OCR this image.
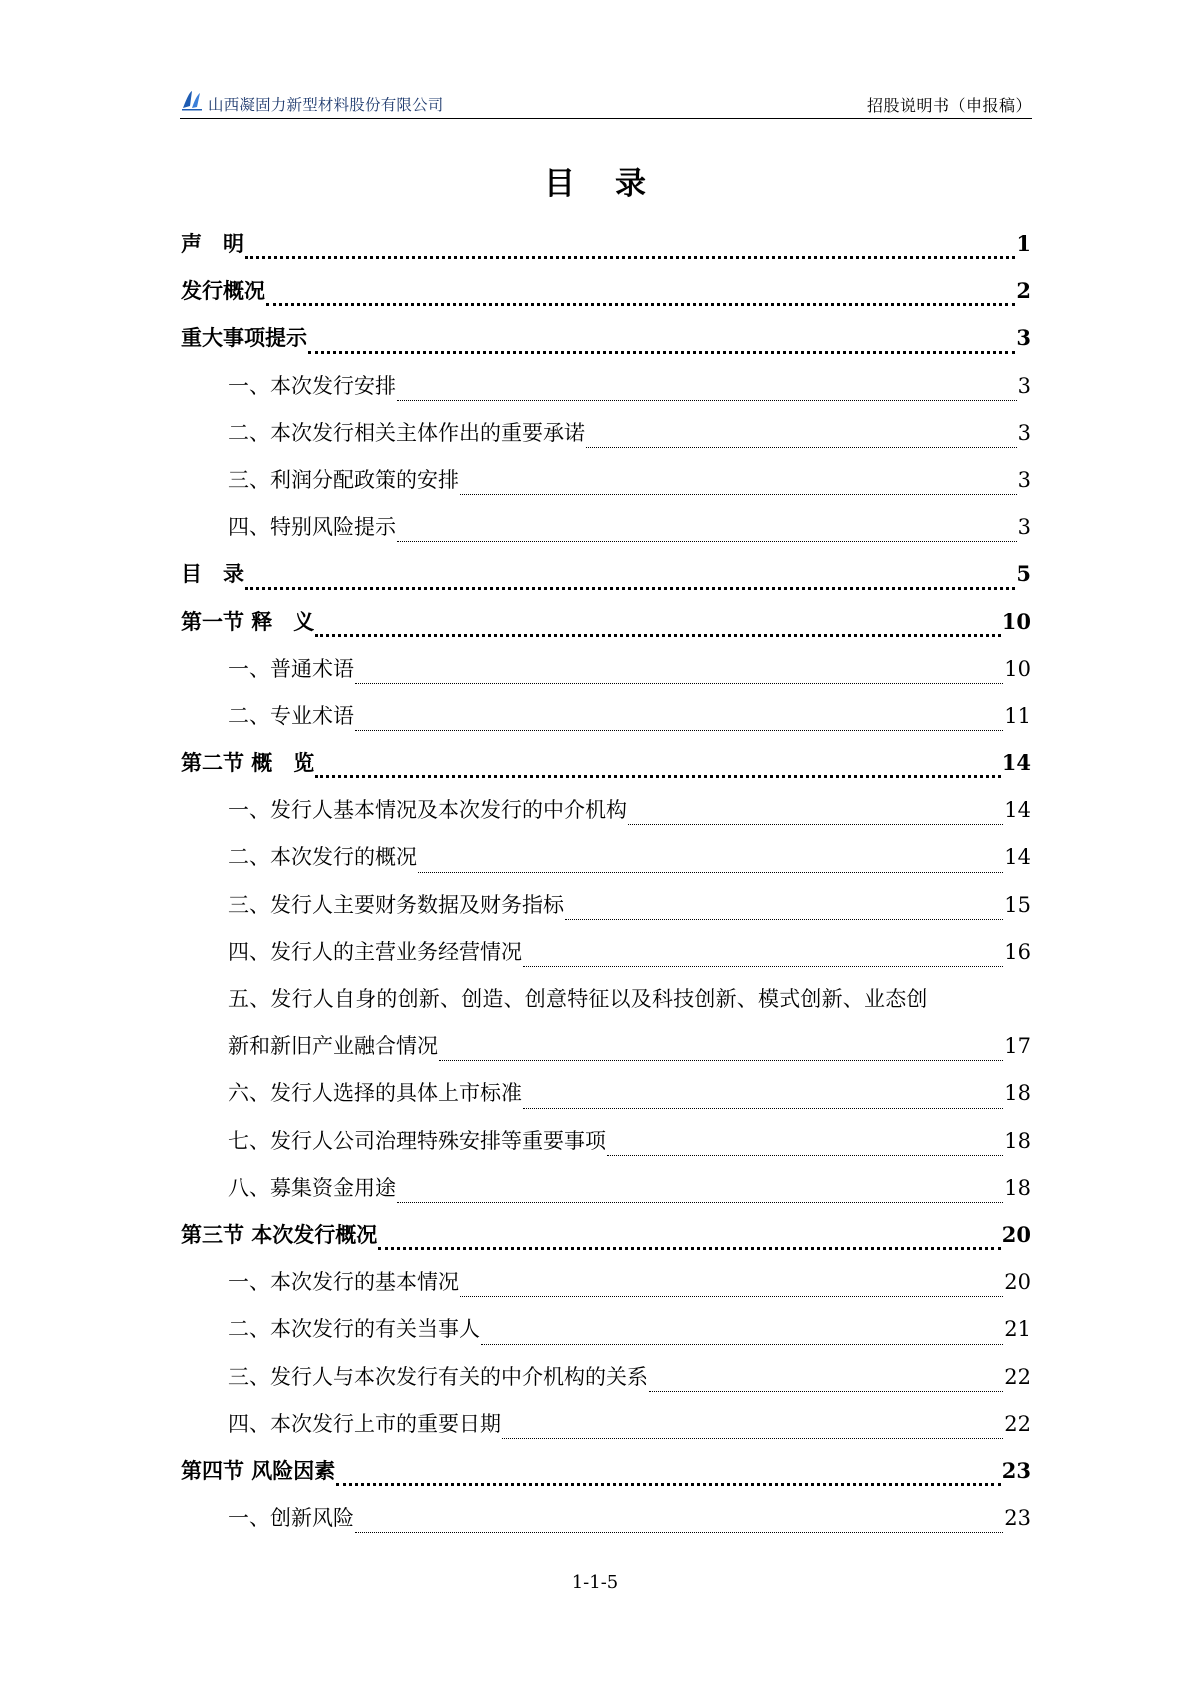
山西凝固力新型材料股份有限公司	招股说明书（申报稿）
目录
声　明	1
发行概况	2
重大事项提示	3
一、本次发行安排	3
二、本次发行相关主体作出的重要承诺	3
三、利润分配政策的安排	3
四、特别风险提示	3
目　录	5
第一节 释　义	10
一、普通术语	10
二、专业术语	11
第二节 概　览	14
一、发行人基本情况及本次发行的中介机构	14
二、本次发行的概况	14
三、发行人主要财务数据及财务指标	15
四、发行人的主营业务经营情况	16
五、发行人自身的创新、创造、创意特征以及科技创新、模式创新、业态创
新和新旧产业融合情况	17
六、发行人选择的具体上市标准	18
七、发行人公司治理特殊安排等重要事项	18
八、募集资金用途	18
第三节 本次发行概况	20
一、本次发行的基本情况	20
二、本次发行的有关当事人	21
三、发行人与本次发行有关的中介机构的关系	22
四、本次发行上市的重要日期	22
第四节 风险因素	23
一、创新风险	23
1-1-5
